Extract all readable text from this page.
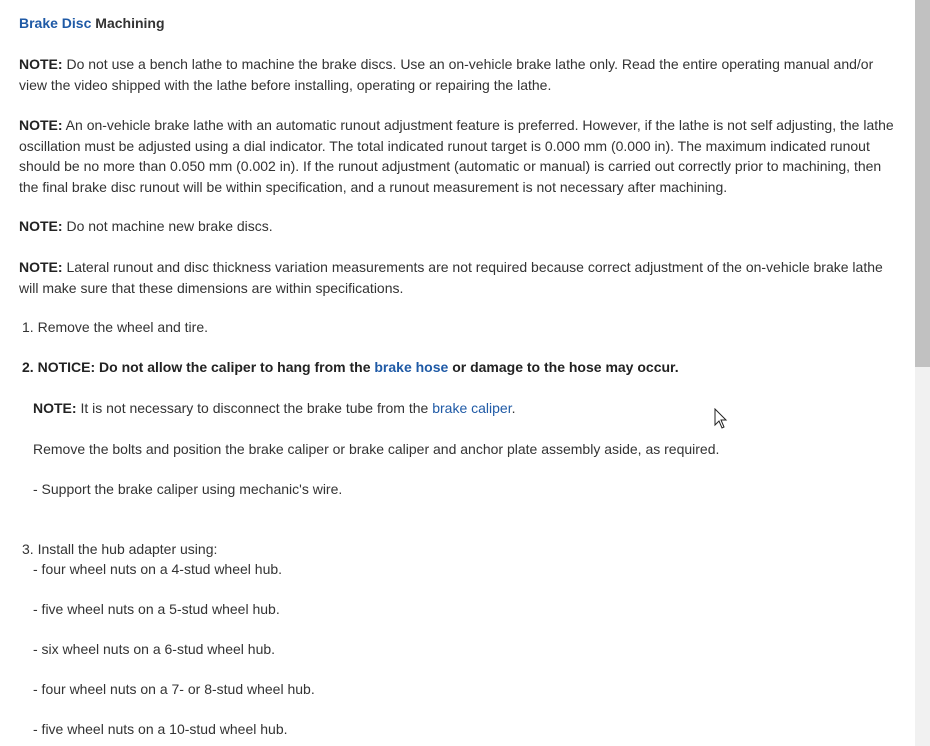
Brake Disc Machining
NOTE: Do not use a bench lathe to machine the brake discs. Use an on-vehicle brake lathe only. Read the entire operating manual and/or view the video shipped with the lathe before installing, operating or repairing the lathe.
NOTE: An on-vehicle brake lathe with an automatic runout adjustment feature is preferred. However, if the lathe is not self adjusting, the lathe oscillation must be adjusted using a dial indicator. The total indicated runout target is 0.000 mm (0.000 in). The maximum indicated runout should be no more than 0.050 mm (0.002 in). If the runout adjustment (automatic or manual) is carried out correctly prior to machining, then the final brake disc runout will be within specification, and a runout measurement is not necessary after machining.
NOTE: Do not machine new brake discs.
NOTE: Lateral runout and disc thickness variation measurements are not required because correct adjustment of the on-vehicle brake lathe will make sure that these dimensions are within specifications.
1. Remove the wheel and tire.
2. NOTICE: Do not allow the caliper to hang from the brake hose or damage to the hose may occur.
NOTE: It is not necessary to disconnect the brake tube from the brake caliper.
Remove the bolts and position the brake caliper or brake caliper and anchor plate assembly aside, as required.
- Support the brake caliper using mechanic's wire.
3. Install the hub adapter using:
- four wheel nuts on a 4-stud wheel hub.
- five wheel nuts on a 5-stud wheel hub.
- six wheel nuts on a 6-stud wheel hub.
- four wheel nuts on a 7- or 8-stud wheel hub.
- five wheel nuts on a 10-stud wheel hub.
